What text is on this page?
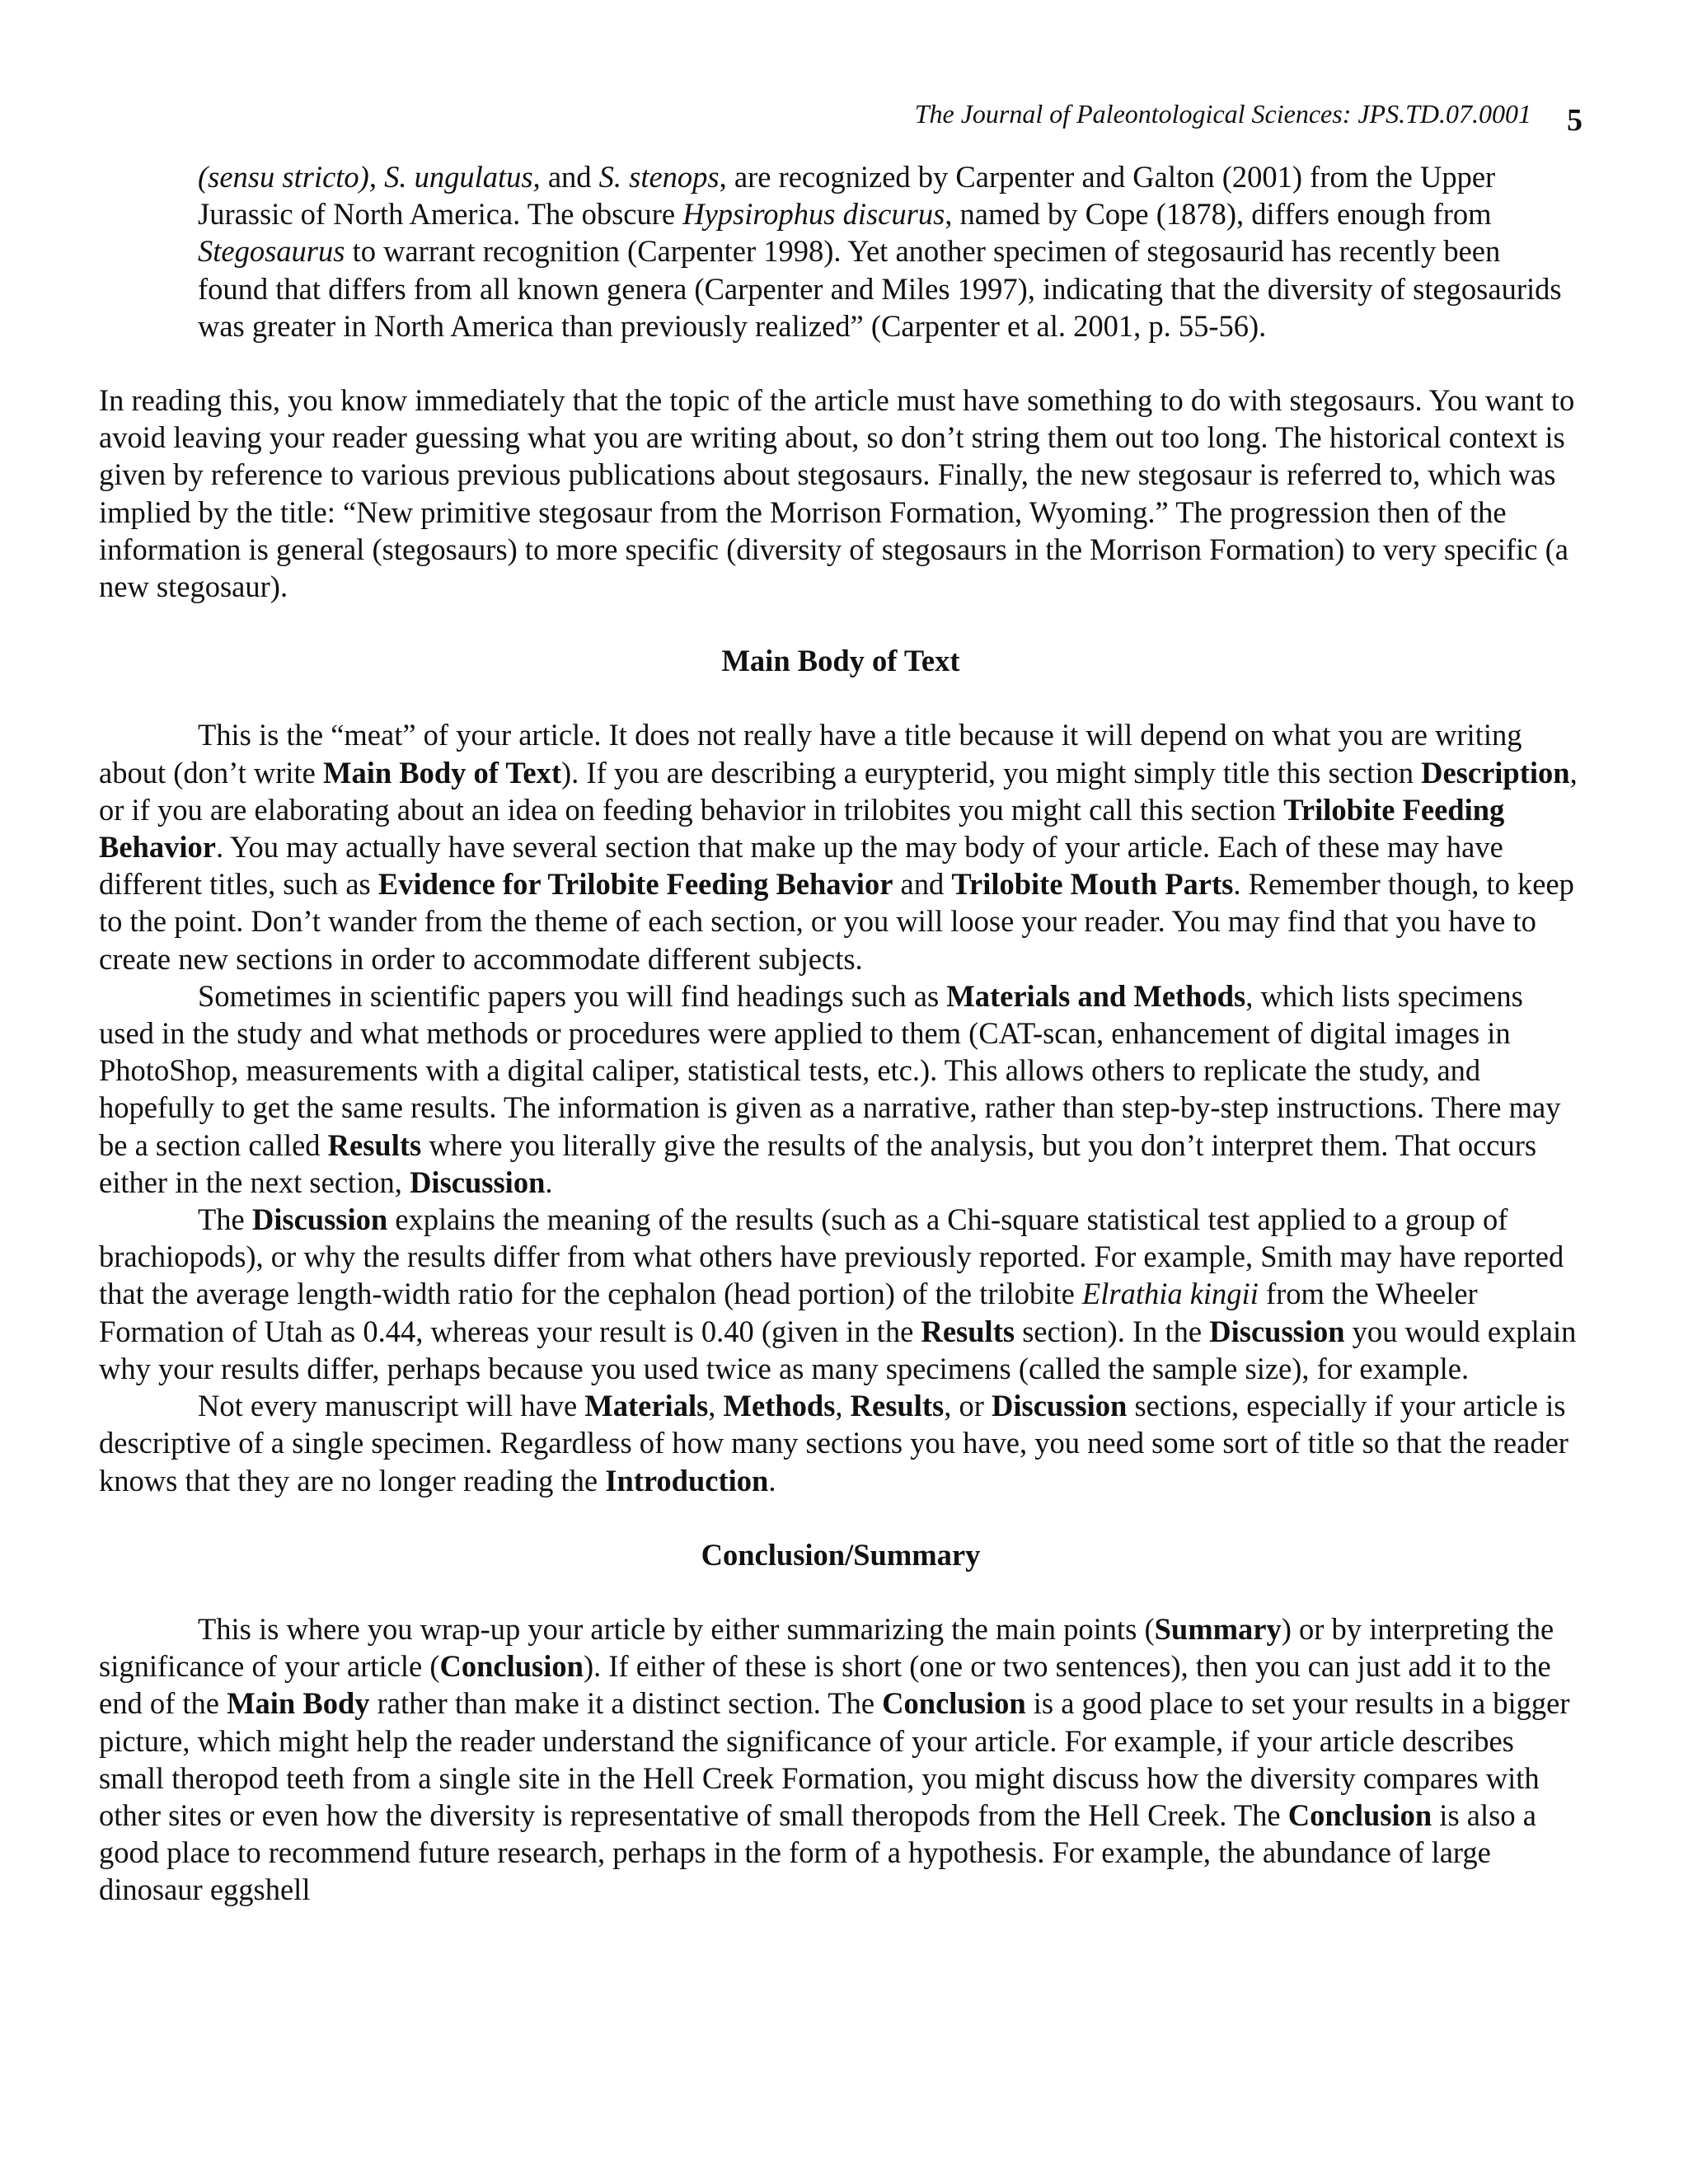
The Journal of Paleontological Sciences: JPS.TD.07.0001 5

(sensu stricto), S. ungulatus, and S. stenops, are recognized by Carpenter and Galton (2001) from the Upper Jurassic of North America. The obscure Hypsirophus discurus, named by Cope (1878), differs enough from Stegosaurus to warrant recognition (Carpenter 1998). Yet another specimen of stegosaurid has recently been found that differs from all known genera (Carpenter and Miles 1997), indicating that the diversity of stegosaurids was greater in North America than previously realized” (Carpenter et al. 2001, p. 55-56).

In reading this, you know immediately that the topic of the article must have something to do with stegosaurs. You want to avoid leaving your reader guessing what you are writing about, so don’t string them out too long. The historical context is given by reference to various previous publications about stegosaurs. Finally, the new stegosaur is referred to, which was implied by the title: “New primitive stegosaur from the Morrison Formation, Wyoming.” The progression then of the information is general (stegosaurs) to more specific (diversity of stegosaurs in the Morrison Formation) to very specific (a new stegosaur).

Main Body of Text

This is the “meat” of your article. It does not really have a title because it will depend on what you are writing about (don’t write Main Body of Text). If you are describing a eurypterid, you might simply title this section Description, or if you are elaborating about an idea on feeding behavior in trilobites you might call this section Trilobite Feeding Behavior. You may actually have several section that make up the may body of your article. Each of these may have different titles, such as Evidence for Trilobite Feeding Behavior and Trilobite Mouth Parts. Remember though, to keep to the point. Don’t wander from the theme of each section, or you will loose your reader. You may find that you have to create new sections in order to accommodate different subjects.

Sometimes in scientific papers you will find headings such as Materials and Methods, which lists specimens used in the study and what methods or procedures were applied to them (CAT-scan, enhancement of digital images in PhotoShop, measurements with a digital caliper, statistical tests, etc.). This allows others to replicate the study, and hopefully to get the same results. The information is given as a narrative, rather than step-by-step instructions. There may be a section called Results where you literally give the results of the analysis, but you don’t interpret them. That occurs either in the next section, Discussion.

The Discussion explains the meaning of the results (such as a Chi-square statistical test applied to a group of brachiopods), or why the results differ from what others have previously reported. For example, Smith may have reported that the average length-width ratio for the cephalon (head portion) of the trilobite Elrathia kingii from the Wheeler Formation of Utah as 0.44, whereas your result is 0.40 (given in the Results section). In the Discussion you would explain why your results differ, perhaps because you used twice as many specimens (called the sample size), for example.

Not every manuscript will have Materials, Methods, Results, or Discussion sections, especially if your article is descriptive of a single specimen. Regardless of how many sections you have, you need some sort of title so that the reader knows that they are no longer reading the Introduction.

Conclusion/Summary

This is where you wrap-up your article by either summarizing the main points (Summary) or by interpreting the significance of your article (Conclusion). If either of these is short (one or two sentences), then you can just add it to the end of the Main Body rather than make it a distinct section. The Conclusion is a good place to set your results in a bigger picture, which might help the reader understand the significance of your article. For example, if your article describes small theropod teeth from a single site in the Hell Creek Formation, you might discuss how the diversity compares with other sites or even how the diversity is representative of small theropods from the Hell Creek. The Conclusion is also a good place to recommend future research, perhaps in the form of a hypothesis. For example, the abundance of large dinosaur eggshell
